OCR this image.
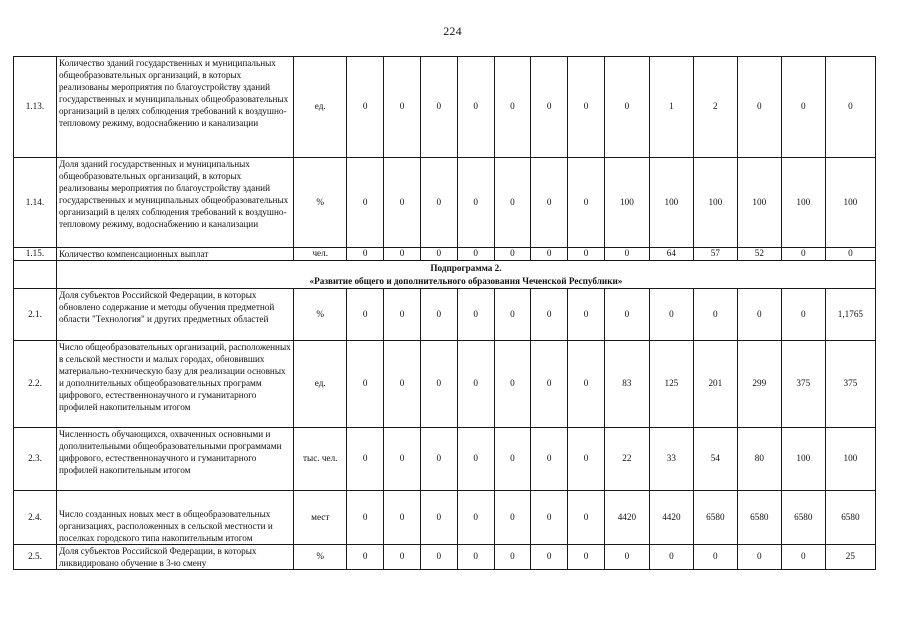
224
1.13.	Количество зданий государственных и муниципальных общеобразовательных организаций, в которых реализованы мероприятия по благоустройству зданий государственных и муниципальных общеобразовательных организаций в целях соблюдения требований к воздушно-тепловому режиму, водоснабжению и канализации	ед.	0	0	0	0	0	0	0	0	1	2	0	0	0
1.14.	Доля зданий государственных и муниципальных общеобразовательных организаций, в которых реализованы мероприятия по благоустройству зданий государственных и муниципальных общеобразовательных организаций в целях соблюдения требований к воздушно-тепловому режиму, водоснабжению и канализации	%	0	0	0	0	0	0	0	100	100	100	100	100	100
1.15.	Количество компенсационных выплат	чел.	0	0	0	0	0	0	0	0	64	57	52	0	0

	Подпрограмма 2.
«Развитие общего и дополнительного образования Чеченской Республики»														

2.1.	Доля субъектов Российской Федерации, в которых обновлено содержание и методы обучения предметной области "Технология" и других предметных областей	%	0	0	0	0	0	0	0	0	0	0	0	0	1,1765
2.2.	Число общеобразовательных организаций, расположенных в сельской местности и малых городах, обновивших материально-техническую базу для реализации основных и дополнительных общеобразовательных программ цифрового, естественнонаучного и гуманитарного профилей накопительным итогом	ед.	0	0	0	0	0	0	0	83	125	201	299	375	375
2.3.	Численность обучающихся, охваченных основными и дополнительными общеобразовательными программами цифрового, естественнонаучного и гуманитарного профилей накопительным итогом	тыс. чел.	0	0	0	0	0	0	0	22	33	54	80	100	100
2.4.	Число созданных новых мест в общеобразовательных организациях, расположенных в сельской местности и поселках городского типа накопительным итогом	мест	0	0	0	0	0	0	0	4420	4420	6580	6580	6580	6580
2.5.	Доля субъектов Российской Федерации, в которых ликвидировано обучение в 3-ю смену	%	0	0	0	0	0	0	0	0	0	0	0	0	25
